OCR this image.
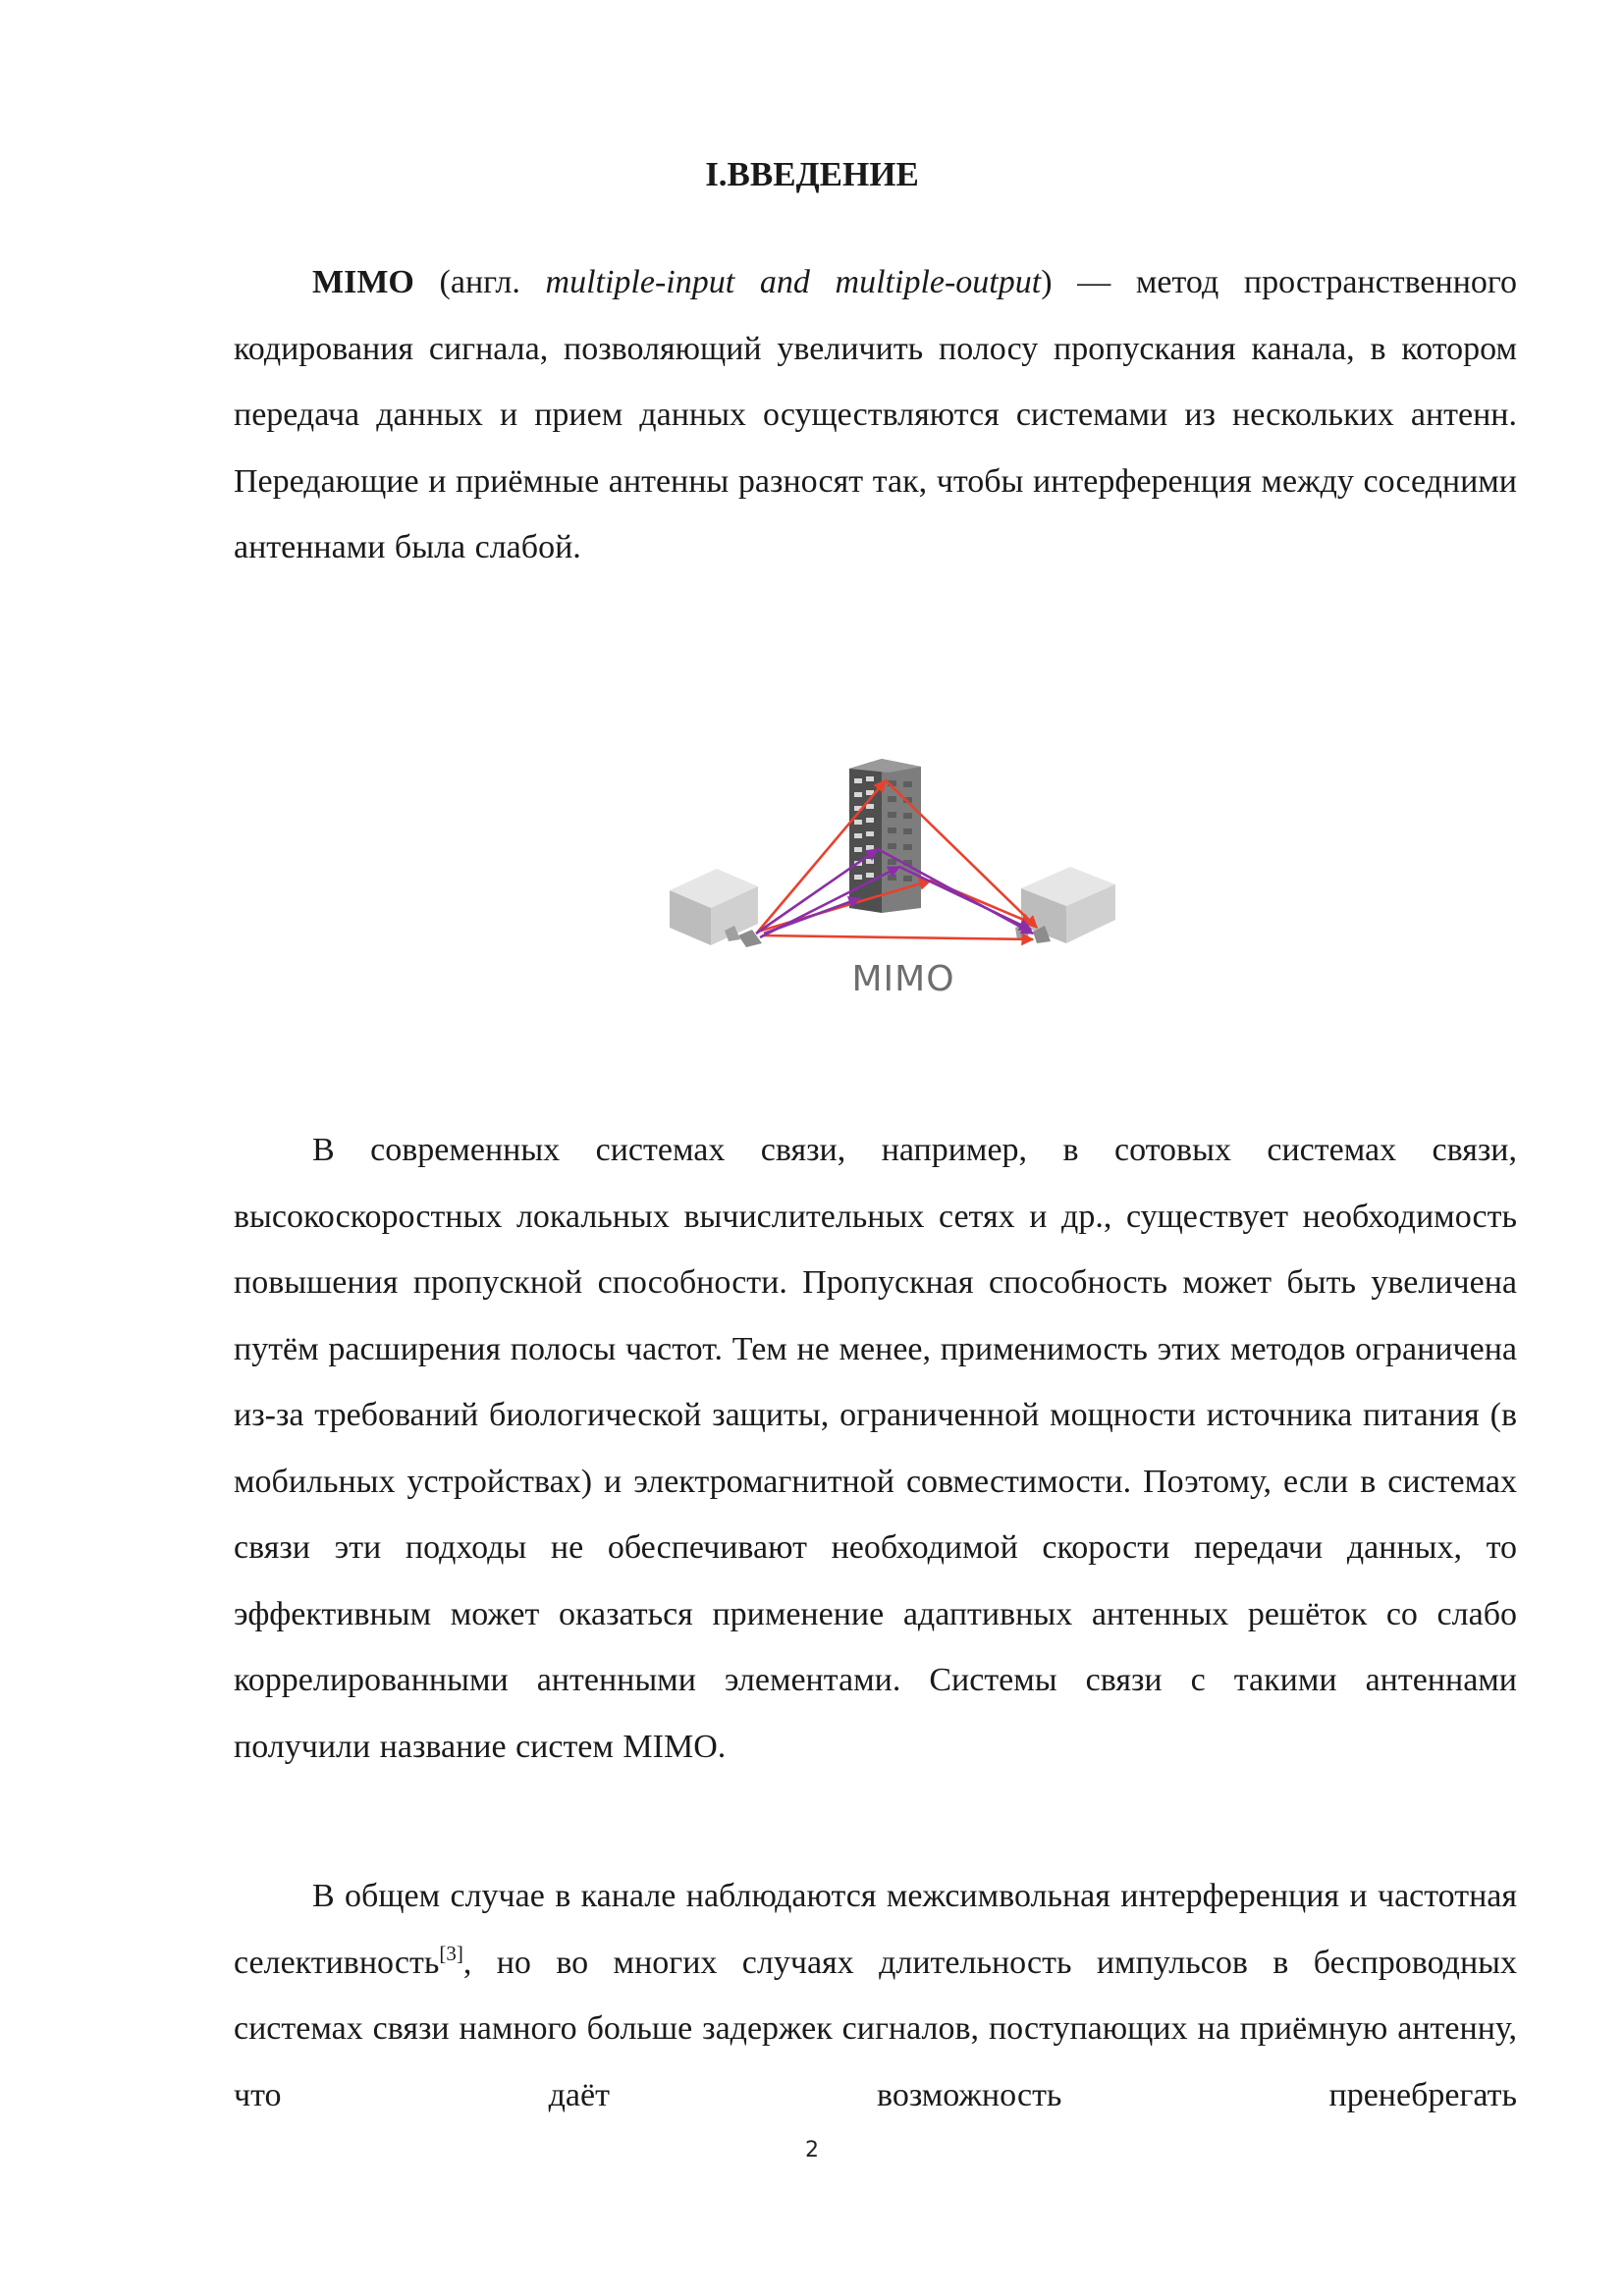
I.ВВЕДЕНИЕ

MIMO (англ. multiple-input and multiple-output) — метод пространственного кодирования сигнала, позволяющий увеличить полосу пропускания канала, в котором передача данных и прием данных осуществляются системами из нескольких антенн. Передающие и приёмные антенны разносят так, чтобы интерференция между соседними антеннами была слабой.

MIMO

В современных системах связи, например, в сотовых системах связи, высокоскоростных локальных вычислительных сетях и др., существует необходимость повышения пропускной способности. Пропускная способность может быть увеличена путём расширения полосы частот. Тем не менее, применимость этих методов ограничена из-за требований биологической защиты, ограниченной мощности источника питания (в мобильных устройствах) и электромагнитной совместимости. Поэтому, если в системах связи эти подходы не обеспечивают необходимой скорости передачи данных, то эффективным может оказаться применение адаптивных антенных решёток со слабо коррелированными антенными элементами. Системы связи с такими антеннами получили название систем MIMO.

В общем случае в канале наблюдаются межсимвольная интерференция и частотная селективность[3], но во многих случаях длительность импульсов в беспроводных системах связи намного больше задержек сигналов, поступающих на приёмную антенну, что даёт возможность пренебрегать

2
